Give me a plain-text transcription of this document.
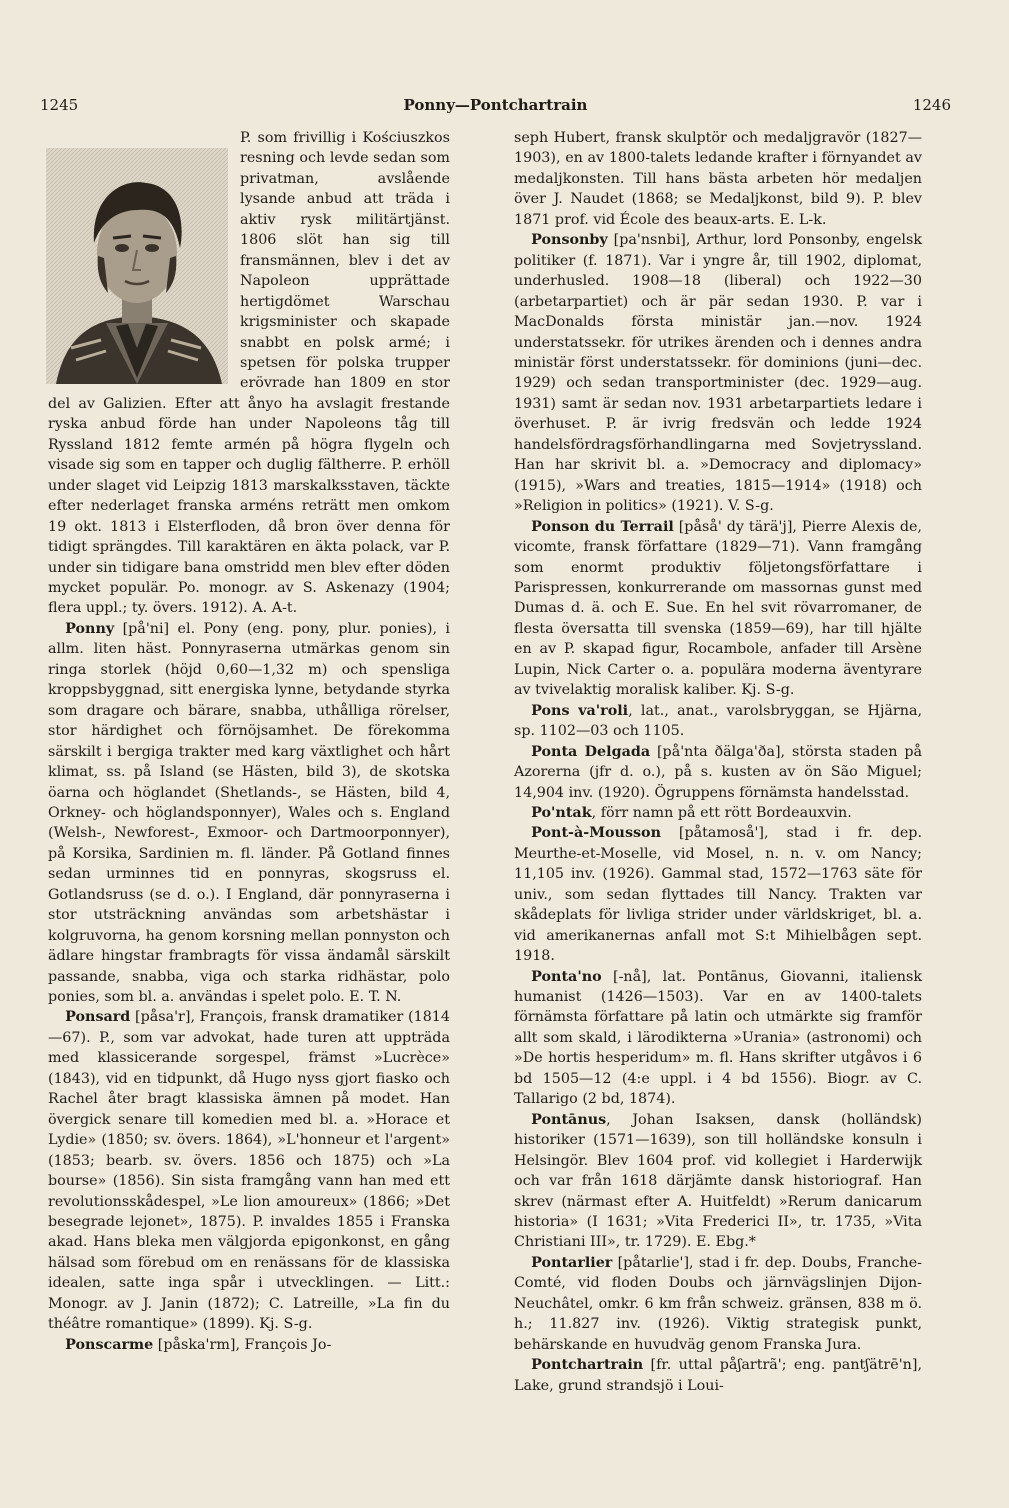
1245	Ponny—Pontchartrain	1246

P. som frivillig i Kościuszkos resning och levde sedan som privatman, avslående lysande anbud att träda i aktiv rysk militärtjänst. 1806 slöt han sig till fransmännen, blev i det av Napoleon upprättade hertigdömet Warschau krigsminister och skapade snabbt en polsk armé; i spetsen för polska trupper erövrade han 1809 en stor del av Galizien. Efter att ånyo ha avslagit frestande ryska anbud förde han under Napoleons tåg till Ryssland 1812 femte armén på högra flygeln och visade sig som en tapper och duglig fältherre. P. erhöll under slaget vid Leipzig 1813 marskalksstaven, täckte efter nederlaget franska arméns reträtt men omkom 19 okt. 1813 i Elsterfloden, då bron över denna för tidigt sprängdes. Till karaktären en äkta polack, var P. under sin tidigare bana omstridd men blev efter döden mycket populär. Po. monogr. av S. Askenazy (1904; flera uppl.; ty. övers. 1912). A. A-t.

Ponny [på'ni] el. Pony (eng. pony, plur. ponies), i allm. liten häst. Ponnyraserna utmärkas genom sin ringa storlek (höjd 0,60—1,32 m) och spensliga kroppsbyggnad, sitt energiska lynne, betydande styrka som dragare och bärare, snabba, uthålliga rörelser, stor härdighet och förnöjsamhet. De förekomma särskilt i bergiga trakter med karg växtlighet och hårt klimat, ss. på Island (se Hästen, bild 3), de skotska öarna och höglandet (Shetlands-, se Hästen, bild 4, Orkney- och höglandsponnyer), Wales och s. England (Welsh-, Newforest-, Exmoor- och Dartmoorponnyer), på Korsika, Sardinien m. fl. länder. På Gotland finnes sedan urminnes tid en ponnyras, skogsruss el. Gotlandsruss (se d. o.). I England, där ponnyraserna i stor utsträckning användas som arbetshästar i kolgruvorna, ha genom korsning mellan ponnyston och ädlare hingstar frambragts för vissa ändamål särskilt passande, snabba, viga och starka ridhästar, polo ponies, som bl. a. användas i spelet polo. E. T. N.

Ponsard [påsa'r], François, fransk dramatiker (1814—67). P., som var advokat, hade turen att uppträda med klassicerande sorgespel, främst »Lucrèce» (1843), vid en tidpunkt, då Hugo nyss gjort fiasko och Rachel åter bragt klassiska ämnen på modet. Han övergick senare till komedien med bl. a. »Horace et Lydie» (1850; sv. övers. 1864), »L'honneur et l'argent» (1853; bearb. sv. övers. 1856 och 1875) och »La bourse» (1856). Sin sista framgång vann han med ett revolutionsskådespel, »Le lion amoureux» (1866; »Det besegrade lejonet», 1875). P. invaldes 1855 i Franska akad. Hans bleka men välgjorda epigonkonst, en gång hälsad som förebud om en renässans för de klassiska idealen, satte inga spår i utvecklingen. — Litt.: Monogr. av J. Janin (1872); C. Latreille, »La fin du théâtre romantique» (1899). Kj. S-g.

Ponscarme [påska'rm], François Jo-

seph Hubert, fransk skulptör och medaljgravör (1827—1903), en av 1800-talets ledande krafter i förnyandet av medaljkonsten. Till hans bästa arbeten hör medaljen över J. Naudet (1868; se Medaljkonst, bild 9). P. blev 1871 prof. vid École des beaux-arts. E. L-k.

Ponsonby [pa'nsnbi], Arthur, lord Ponsonby, engelsk politiker (f. 1871). Var i yngre år, till 1902, diplomat, underhusled. 1908—18 (liberal) och 1922—30 (arbetarpartiet) och är pär sedan 1930. P. var i MacDonalds första ministär jan.—nov. 1924 understatssekr. för utrikes ärenden och i dennes andra ministär först understatssekr. för dominions (juni—dec. 1929) och sedan transportminister (dec. 1929—aug. 1931) samt är sedan nov. 1931 arbetarpartiets ledare i överhuset. P. är ivrig fredsvän och ledde 1924 handelsfördragsförhandlingarna med Sovjetryssland. Han har skrivit bl. a. »Democracy and diplomacy» (1915), »Wars and treaties, 1815—1914» (1918) och »Religion in politics» (1921). V. S-g.

Ponson du Terrail [påså' dy tärä'j], Pierre Alexis de, vicomte, fransk författare (1829—71). Vann framgång som enormt produktiv följetongsförfattare i Parispressen, konkurrerande om massornas gunst med Dumas d. ä. och E. Sue. En hel svit rövarromaner, de flesta översatta till svenska (1859—69), har till hjälte en av P. skapad figur, Rocambole, anfader till Arsène Lupin, Nick Carter o. a. populära moderna äventyrare av tvivelaktig moralisk kaliber. Kj. S-g.

Pons va'roli, lat., anat., varolsbryggan, se Hjärna, sp. 1102—03 och 1105.

Ponta Delgada [på'nta ðälga'ða], största staden på Azorerna (jfr d. o.), på s. kusten av ön São Miguel; 14,904 inv. (1920). Ögruppens förnämsta handelsstad.

Po'ntak, förr namn på ett rött Bordeauxvin.

Pont-à-Mousson [påtamoså'], stad i fr. dep. Meurthe-et-Moselle, vid Mosel, n. n. v. om Nancy; 11,105 inv. (1926). Gammal stad, 1572—1763 säte för univ., som sedan flyttades till Nancy. Trakten var skådeplats för livliga strider under världskriget, bl. a. vid amerikanernas anfall mot S:t Mihielbågen sept. 1918.

Ponta'no [-nå], lat. Pontānus, Giovanni, italiensk humanist (1426—1503). Var en av 1400-talets förnämsta författare på latin och utmärkte sig framför allt som skald, i lärodikterna »Urania» (astronomi) och »De hortis hesperidum» m. fl. Hans skrifter utgåvos i 6 bd 1505—12 (4:e uppl. i 4 bd 1556). Biogr. av C. Tallarigo (2 bd, 1874).

Pontānus, Johan Isaksen, dansk (holländsk) historiker (1571—1639), son till holländske konsuln i Helsingör. Blev 1604 prof. vid kollegiet i Harderwijk och var från 1618 därjämte dansk historiograf. Han skrev (närmast efter A. Huitfeldt) »Rerum danicarum historia» (I 1631; »Vita Frederici II», tr. 1735, »Vita Christiani III», tr. 1729). E. Ebg.*

Pontarlier [påtarlie'], stad i fr. dep. Doubs, Franche-Comté, vid floden Doubs och järnvägslinjen Dijon-Neuchâtel, omkr. 6 km från schweiz. gränsen, 838 m ö. h.; 11.827 inv. (1926). Viktig strategisk punkt, behärskande en huvudväg genom Franska Jura.

Pontchartrain [fr. uttal påʃartrã'; eng. pantʃätrē'n], Lake, grund strandsjö i Loui-
